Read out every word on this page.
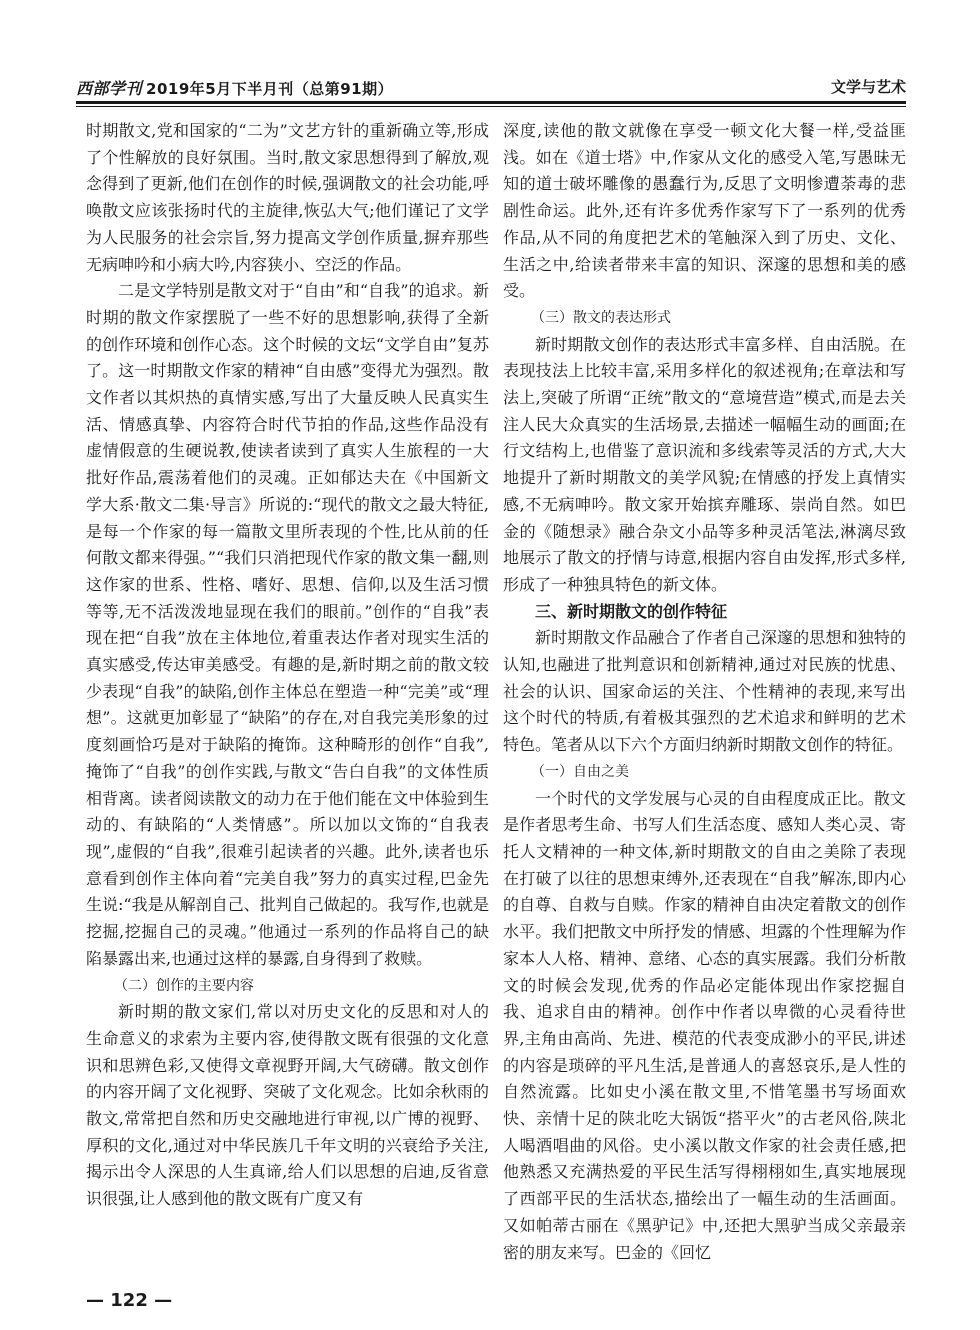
西部学刊 2019年5月下半月刊（总第91期）	文学与艺术

时期散文,党和国家的“二为”文艺方针的重新确立等,形成了个性解放的良好氛围。当时,散文家思想得到了解放,观念得到了更新,他们在创作的时候,强调散文的社会功能,呼唤散文应该张扬时代的主旋律,恢弘大气;他们谨记了文学为人民服务的社会宗旨,努力提高文学创作质量,摒弃那些无病呻吟和小病大吟,内容狭小、空泛的作品。

二是文学特别是散文对于“自由”和“自我”的追求。新时期的散文作家摆脱了一些不好的思想影响,获得了全新的创作环境和创作心态。这个时候的文坛“文学自由”复苏了。这一时期散文作家的精神“自由感”变得尤为强烈。散文作者以其炽热的真情实感,写出了大量反映人民真实生活、情感真挚、内容符合时代节拍的作品,这些作品没有虚情假意的生硬说教,使读者读到了真实人生旅程的一大批好作品,震荡着他们的灵魂。正如郁达夫在《中国新文学大系·散文二集·导言》所说的:“现代的散文之最大特征,是每一个作家的每一篇散文里所表现的个性,比从前的任何散文都来得强。”“我们只消把现代作家的散文集一翻,则这作家的世系、性格、嗜好、思想、信仰,以及生活习惯等等,无不活泼泼地显现在我们的眼前。”创作的“自我”表现在把“自我”放在主体地位,着重表达作者对现实生活的真实感受,传达审美感受。有趣的是,新时期之前的散文较少表现“自我”的缺陷,创作主体总在塑造一种“完美”或“理想”。这就更加彰显了“缺陷”的存在,对自我完美形象的过度刻画恰巧是对于缺陷的掩饰。这种畸形的创作“自我”,掩饰了“自我”的创作实践,与散文“告白自我”的文体性质相背离。读者阅读散文的动力在于他们能在文中体验到生动的、有缺陷的“人类情感”。所以加以文饰的“自我表现”,虚假的“自我”,很难引起读者的兴趣。此外,读者也乐意看到创作主体向着“完美自我”努力的真实过程,巴金先生说:“我是从解剖自己、批判自己做起的。我写作,也就是挖掘,挖掘自己的灵魂。”他通过一系列的作品将自己的缺陷暴露出来,也通过这样的暴露,自身得到了救赎。

（二）创作的主要内容

新时期的散文家们,常以对历史文化的反思和对人的生命意义的求索为主要内容,使得散文既有很强的文化意识和思辨色彩,又使得文章视野开阔,大气磅礴。散文创作的内容开阔了文化视野、突破了文化观念。比如余秋雨的散文,常常把自然和历史交融地进行审视,以广博的视野、厚积的文化,通过对中华民族几千年文明的兴衰给予关注,揭示出令人深思的人生真谛,给人们以思想的启迪,反省意识很强,让人感到他的散文既有广度又有

深度,读他的散文就像在享受一顿文化大餐一样,受益匪浅。如在《道士塔》中,作家从文化的感受入笔,写愚昧无知的道士破坏雕像的愚蠢行为,反思了文明惨遭荼毒的悲剧性命运。此外,还有许多优秀作家写下了一系列的优秀作品,从不同的角度把艺术的笔触深入到了历史、文化、生活之中,给读者带来丰富的知识、深邃的思想和美的感受。

（三）散文的表达形式

新时期散文创作的表达形式丰富多样、自由活脱。在表现技法上比较丰富,采用多样化的叙述视角;在章法和写法上,突破了所谓“正统”散文的“意境营造”模式,而是去关注人民大众真实的生活场景,去描述一幅幅生动的画面;在行文结构上,也借鉴了意识流和多线索等灵活的方式,大大地提升了新时期散文的美学风貌;在情感的抒发上真情实感,不无病呻吟。散文家开始摈弃雕琢、崇尚自然。如巴金的《随想录》融合杂文小品等多种灵活笔法,淋漓尽致地展示了散文的抒情与诗意,根据内容自由发挥,形式多样,形成了一种独具特色的新文体。

三、新时期散文的创作特征

新时期散文作品融合了作者自己深邃的思想和独特的认知,也融进了批判意识和创新精神,通过对民族的忧患、社会的认识、国家命运的关注、个性精神的表现,来写出这个时代的特质,有着极其强烈的艺术追求和鲜明的艺术特色。笔者从以下六个方面归纳新时期散文创作的特征。

（一）自由之美

一个时代的文学发展与心灵的自由程度成正比。散文是作者思考生命、书写人们生活态度、感知人类心灵、寄托人文精神的一种文体,新时期散文的自由之美除了表现在打破了以往的思想束缚外,还表现在“自我”解冻,即内心的自尊、自救与自赎。作家的精神自由决定着散文的创作水平。我们把散文中所抒发的情感、坦露的个性理解为作家本人人格、精神、意绪、心态的真实展露。我们分析散文的时候会发现,优秀的作品必定能体现出作家挖掘自我、追求自由的精神。创作中作者以卑微的心灵看待世界,主角由高尚、先进、模范的代表变成渺小的平民,讲述的内容是琐碎的平凡生活,是普通人的喜怒哀乐,是人性的自然流露。比如史小溪在散文里,不惜笔墨书写场面欢快、亲情十足的陕北吃大锅饭“搭平火”的古老风俗,陕北人喝酒唱曲的风俗。史小溪以散文作家的社会责任感,把他熟悉又充满热爱的平民生活写得栩栩如生,真实地展现了西部平民的生活状态,描绘出了一幅生动的生活画面。又如帕蒂古丽在《黑驴记》中,还把大黑驴当成父亲最亲密的朋友来写。巴金的《回忆

— 122 —
